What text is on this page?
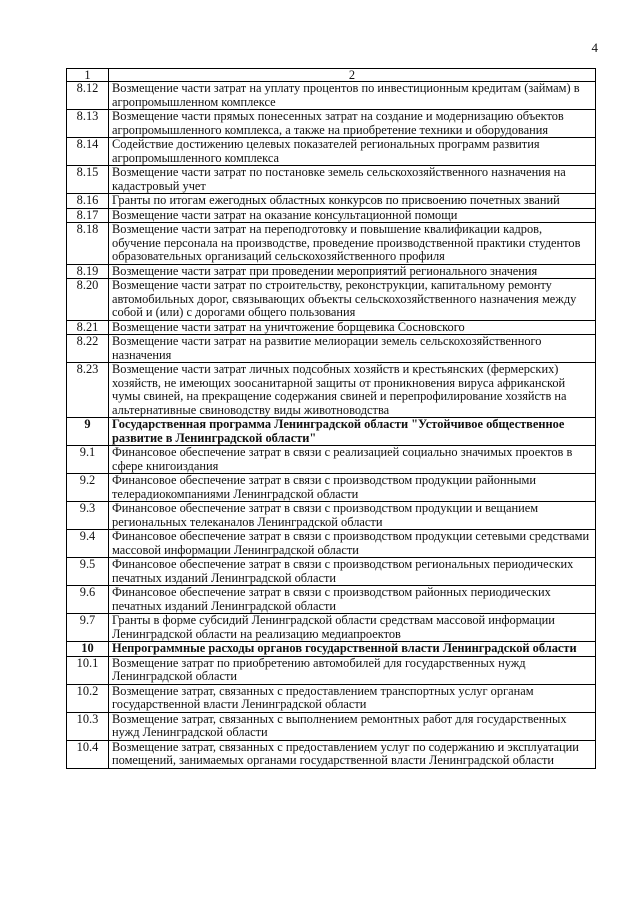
4
1	2
8.12	Возмещение части затрат на уплату процентов по инвестиционным кредитам (займам) в агропромышленном комплексе
8.13	Возмещение части прямых понесенных затрат на создание и модернизацию объектов агропромышленного комплекса, а также на приобретение техники и оборудования
8.14	Содействие достижению целевых показателей региональных программ развития агропромышленного комплекса
8.15	Возмещение части затрат по постановке земель сельскохозяйственного назначения на кадастровый учет
8.16	Гранты по итогам ежегодных областных конкурсов по присвоению почетных званий
8.17	Возмещение части затрат на оказание консультационной помощи
8.18	Возмещение части затрат на переподготовку и повышение квалификации кадров, обучение персонала на производстве, проведение производственной практики студентов образовательных организаций сельскохозяйственного профиля
8.19	Возмещение части затрат при проведении мероприятий регионального значения
8.20	Возмещение части затрат по строительству, реконструкции, капитальному ремонту автомобильных дорог, связывающих объекты сельскохозяйственного назначения между собой и (или) с дорогами общего пользования
8.21	Возмещение части затрат на уничтожение борщевика Сосновского
8.22	Возмещение части затрат на развитие мелиорации земель сельскохозяйственного назначения
8.23	Возмещение части затрат личных подсобных хозяйств и крестьянских (фермерских) хозяйств, не имеющих зоосанитарной защиты от проникновения вируса африканской чумы свиней, на прекращение содержания свиней и перепрофилирование хозяйств на альтернативные свиноводству виды животноводства
9	Государственная программа Ленинградской области "Устойчивое общественное развитие в Ленинградской области"
9.1	Финансовое обеспечение затрат в связи с реализацией социально значимых проектов в сфере книгоиздания
9.2	Финансовое обеспечение затрат в связи с производством продукции районными телерадиокомпаниями Ленинградской области
9.3	Финансовое обеспечение затрат в связи с производством продукции и вещанием региональных телеканалов Ленинградской области
9.4	Финансовое обеспечение затрат в связи с производством продукции сетевыми средствами массовой информации Ленинградской области
9.5	Финансовое обеспечение затрат в связи с производством региональных периодических печатных изданий Ленинградской области
9.6	Финансовое обеспечение затрат в связи с производством районных периодических печатных изданий Ленинградской области
9.7	Гранты в форме субсидий Ленинградской области средствам массовой информации Ленинградской области на реализацию медиапроектов
10	Непрограммные расходы органов государственной власти Ленинградской области
10.1	Возмещение затрат по приобретению автомобилей для государственных нужд Ленинградской области
10.2	Возмещение затрат, связанных с предоставлением транспортных услуг органам государственной власти Ленинградской области
10.3	Возмещение затрат, связанных с выполнением ремонтных работ для государственных нужд Ленинградской области
10.4	Возмещение затрат, связанных с предоставлением услуг по содержанию и эксплуатации помещений, занимаемых органами государственной власти Ленинградской области
